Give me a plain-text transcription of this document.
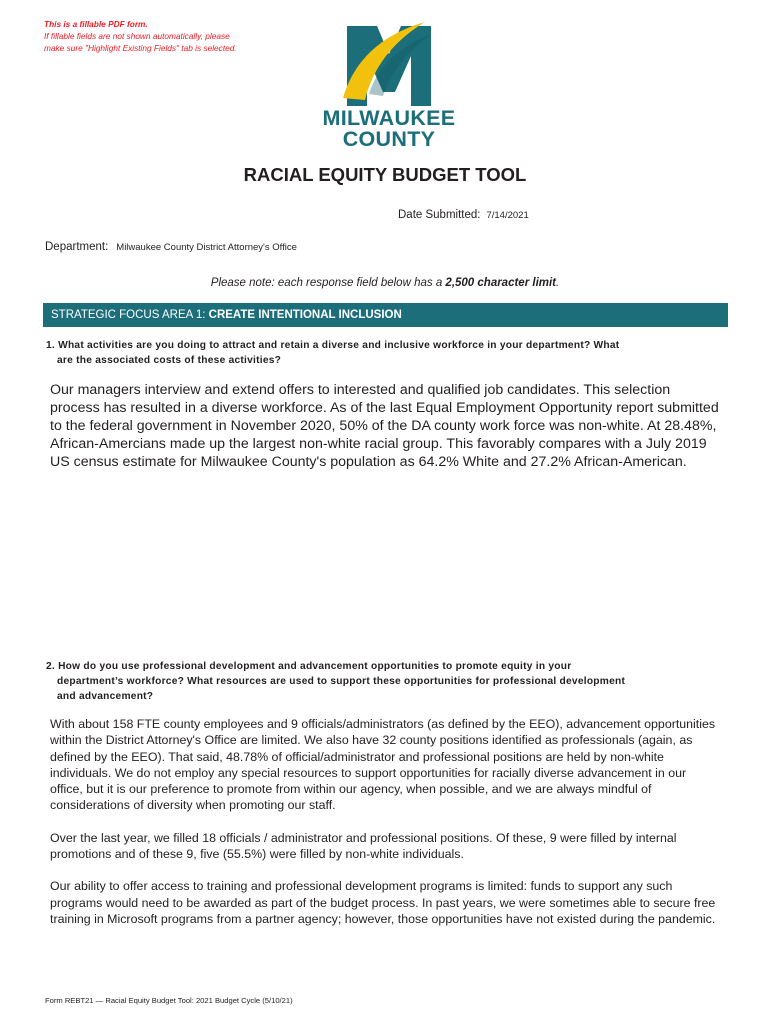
This is a fillable PDF form.
If fillable fields are not shown automatically, please
make sure "Highlight Existing Fields" tab is selected.
MILWAUKEE
COUNTY
RACIAL EQUITY BUDGET TOOL
Date Submitted: 7/14/2021
Department: Milwaukee County District Attorney's Office
Please note: each response field below has a 2,500 character limit.
STRATEGIC FOCUS AREA 1: CREATE INTENTIONAL INCLUSION
1. What activities are you doing to attract and retain a diverse and inclusive workforce in your department? What
are the associated costs of these activities?

Our managers interview and extend offers to interested and qualified job candidates. This selection process has resulted in a diverse workforce. As of the last Equal Employment Opportunity report submitted to the federal government in November 2020, 50% of the DA county work force was non-white. At 28.48%, African-Amercians made up the largest non-white racial group. This favorably compares with a July 2019 US census estimate for Milwaukee County's population as 64.2% White and 27.2% African-American.

2. How do you use professional development and advancement opportunities to promote equity in your
department’s workforce? What resources are used to support these opportunities for professional development
and advancement?

With about 158 FTE county employees and 9 officials/administrators (as defined by the EEO), advancement opportunities within the District Attorney's Office are limited. We also have 32 county positions identified as professionals (again, as defined by the EEO). That said, 48.78% of official/administrator and professional positions are held by non-white individuals. We do not employ any special resources to support opportunities for racially diverse advancement in our office, but it is our preference to promote from within our agency, when possible, and we are always mindful of considerations of diversity when promoting our staff.

Over the last year, we filled 18 officials / administrator and professional positions. Of these, 9 were filled by internal promotions and of these 9, five (55.5%) were filled by non-white individuals.

Our ability to offer access to training and professional development programs is limited: funds to support any such programs would need to be awarded as part of the budget process. In past years, we were sometimes able to secure free training in Microsoft programs from a partner agency; however, those opportunities have not existed during the pandemic.

Form REBT21 — Racial Equity Budget Tool: 2021 Budget Cycle (5/10/21)
